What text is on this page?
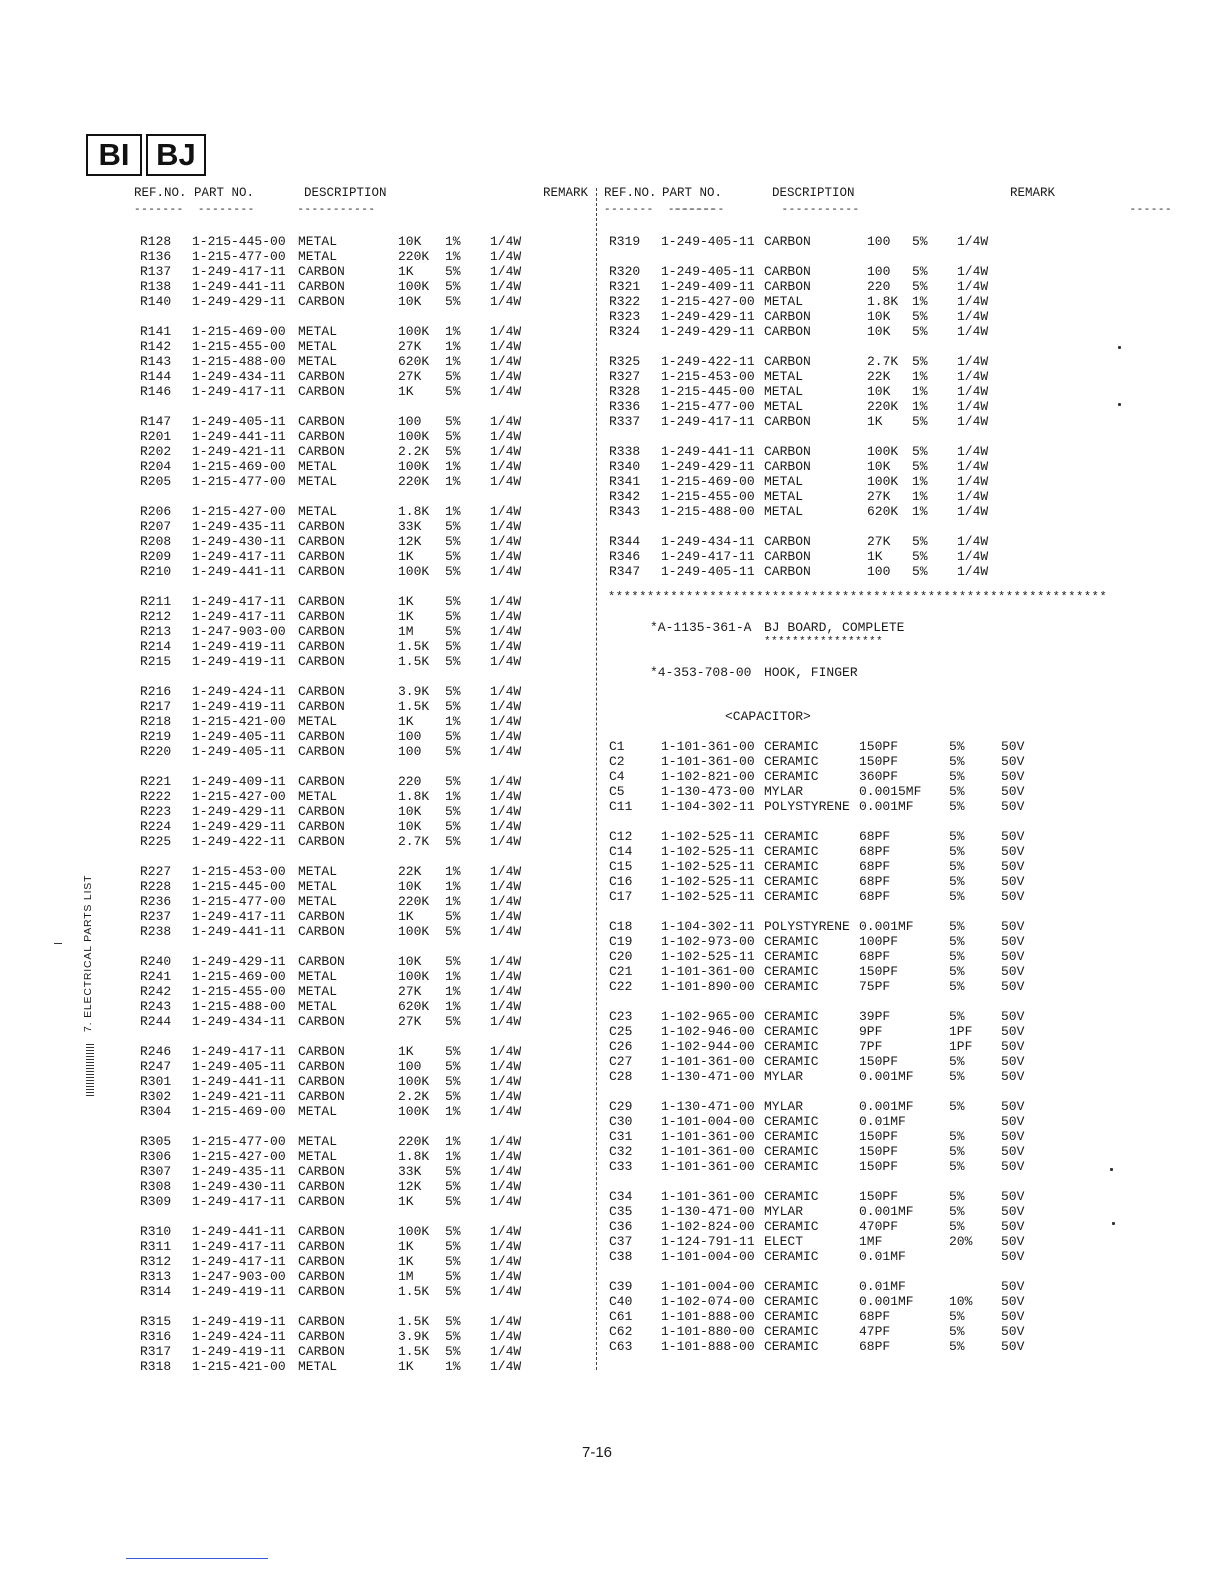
BI BJ
REF.NO. PART NO.	DESCRIPTION	REMARK REF.NO. PART NO.	DESCRIPTION	REMARK
-------  --------      -----------                                          ------
-------  --------        -----------                                      ------
R128 1-215-445-00 METAL	10K 1% 1/4W
R136 1-215-477-00 METAL	220K 1% 1/4W
R137 1-249-417-11 CARBON	1K 5% 1/4W
R138 1-249-441-11 CARBON	100K 5% 1/4W
R140 1-249-429-11 CARBON	10K 5% 1/4W
R141 1-215-469-00 METAL	100K 1% 1/4W
R142 1-215-455-00 METAL	27K 1% 1/4W
R143 1-215-488-00 METAL	620K 1% 1/4W
R144 1-249-434-11 CARBON	27K 5% 1/4W
R146 1-249-417-11 CARBON	1K 5% 1/4W
R147 1-249-405-11 CARBON	100 5% 1/4W
R201 1-249-441-11 CARBON	100K 5% 1/4W
R202 1-249-421-11 CARBON	2.2K 5% 1/4W
R204 1-215-469-00 METAL	100K 1% 1/4W
R205 1-215-477-00 METAL	220K 1% 1/4W
R206 1-215-427-00 METAL	1.8K 1% 1/4W
R207 1-249-435-11 CARBON	33K 5% 1/4W
R208 1-249-430-11 CARBON	12K 5% 1/4W
R209 1-249-417-11 CARBON	1K 5% 1/4W
R210 1-249-441-11 CARBON	100K 5% 1/4W
R211 1-249-417-11 CARBON	1K 5% 1/4W
R212 1-249-417-11 CARBON	1K 5% 1/4W
R213 1-247-903-00 CARBON	1M 5% 1/4W
R214 1-249-419-11 CARBON	1.5K 5% 1/4W
R215 1-249-419-11 CARBON	1.5K 5% 1/4W
R216 1-249-424-11 CARBON	3.9K 5% 1/4W
R217 1-249-419-11 CARBON	1.5K 5% 1/4W
R218 1-215-421-00 METAL	1K 1% 1/4W
R219 1-249-405-11 CARBON	100 5% 1/4W
R220 1-249-405-11 CARBON	100 5% 1/4W
R221 1-249-409-11 CARBON	220 5% 1/4W
R222 1-215-427-00 METAL	1.8K 1% 1/4W
R223 1-249-429-11 CARBON	10K 5% 1/4W
R224 1-249-429-11 CARBON	10K 5% 1/4W
R225 1-249-422-11 CARBON	2.7K 5% 1/4W
R227 1-215-453-00 METAL	22K 1% 1/4W
R228 1-215-445-00 METAL	10K 1% 1/4W
R236 1-215-477-00 METAL	220K 1% 1/4W
R237 1-249-417-11 CARBON	1K 5% 1/4W
R238 1-249-441-11 CARBON	100K 5% 1/4W
R240 1-249-429-11 CARBON	10K 5% 1/4W
R241 1-215-469-00 METAL	100K 1% 1/4W
R242 1-215-455-00 METAL	27K 1% 1/4W
R243 1-215-488-00 METAL	620K 1% 1/4W
R244 1-249-434-11 CARBON	27K 5% 1/4W
R246 1-249-417-11 CARBON	1K 5% 1/4W
R247 1-249-405-11 CARBON	100 5% 1/4W
R301 1-249-441-11 CARBON	100K 5% 1/4W
R302 1-249-421-11 CARBON	2.2K 5% 1/4W
R304 1-215-469-00 METAL	100K 1% 1/4W
R305 1-215-477-00 METAL	220K 1% 1/4W
R306 1-215-427-00 METAL	1.8K 1% 1/4W
R307 1-249-435-11 CARBON	33K 5% 1/4W
R308 1-249-430-11 CARBON	12K 5% 1/4W
R309 1-249-417-11 CARBON	1K 5% 1/4W
R310 1-249-441-11 CARBON	100K 5% 1/4W
R311 1-249-417-11 CARBON	1K 5% 1/4W
R312 1-249-417-11 CARBON	1K 5% 1/4W
R313 1-247-903-00 CARBON	1M 5% 1/4W
R314 1-249-419-11 CARBON	1.5K 5% 1/4W
R315 1-249-419-11 CARBON	1.5K 5% 1/4W
R316 1-249-424-11 CARBON	3.9K 5% 1/4W
R317 1-249-419-11 CARBON	1.5K 5% 1/4W
R318 1-215-421-00 METAL	1K 1% 1/4W
R319 1-249-405-11 CARBON	100 5% 1/4W
R320 1-249-405-11 CARBON	100 5% 1/4W
R321 1-249-409-11 CARBON	220 5% 1/4W
R322 1-215-427-00 METAL	1.8K 1% 1/4W
R323 1-249-429-11 CARBON	10K 5% 1/4W
R324 1-249-429-11 CARBON	10K 5% 1/4W
R325 1-249-422-11 CARBON	2.7K 5% 1/4W
R327 1-215-453-00 METAL	22K 1% 1/4W
R328 1-215-445-00 METAL	10K 1% 1/4W
R336 1-215-477-00 METAL	220K 1% 1/4W
R337 1-249-417-11 CARBON	1K 5% 1/4W
R338 1-249-441-11 CARBON	100K 5% 1/4W
R340 1-249-429-11 CARBON	10K 5% 1/4W
R341 1-215-469-00 METAL	100K 1% 1/4W
R342 1-215-455-00 METAL	27K 1% 1/4W
R343 1-215-488-00 METAL	620K 1% 1/4W
R344 1-249-434-11 CARBON	27K 5% 1/4W
R346 1-249-417-11 CARBON	1K 5% 1/4W
R347 1-249-405-11 CARBON	100 5% 1/4W
****************************************************************

*A-1135-361-A

BJ BOARD, COMPLETE

*****************

*4-353-708-00

HOOK, FINGER

<CAPACITOR>
C1	1-101-361-00 CERAMIC	150PF	5%	50V
C2	1-101-361-00 CERAMIC	150PF	5%	50V
C4	1-102-821-00 CERAMIC	360PF	5%	50V
C5	1-130-473-00 MYLAR	0.0015MF 5%	50V
C11 1-104-302-11 POLYSTYRENE 0.001MF	5%	50V
C12 1-102-525-11 CERAMIC	68PF	5%	50V
C14 1-102-525-11 CERAMIC	68PF	5%	50V
C15 1-102-525-11 CERAMIC	68PF	5%	50V
C16 1-102-525-11 CERAMIC	68PF	5%	50V
C17 1-102-525-11 CERAMIC	68PF	5%	50V
C18 1-104-302-11 POLYSTYRENE 0.001MF	5%	50V
C19 1-102-973-00 CERAMIC	100PF	5%	50V
C20 1-102-525-11 CERAMIC	68PF	5%	50V
C21 1-101-361-00 CERAMIC	150PF	5%	50V
C22 1-101-890-00 CERAMIC	75PF	5%	50V
C23 1-102-965-00 CERAMIC	39PF	5%	50V
C25 1-102-946-00 CERAMIC	9PF	1PF 50V
C26 1-102-944-00 CERAMIC	7PF	1PF 50V
C27 1-101-361-00 CERAMIC	150PF	5%	50V
C28 1-130-471-00 MYLAR	0.001MF	5%	50V
C29 1-130-471-00 MYLAR	0.001MF	5%	50V
C30 1-101-004-00 CERAMIC	0.01MF	50V
C31 1-101-361-00 CERAMIC	150PF	5%	50V
C32 1-101-361-00 CERAMIC	150PF	5%	50V
C33 1-101-361-00 CERAMIC	150PF	5%	50V
C34 1-101-361-00 CERAMIC	150PF	5%	50V
C35 1-130-471-00 MYLAR	0.001MF	5%	50V
C36 1-102-824-00 CERAMIC	470PF	5%	50V
C37 1-124-791-11 ELECT	1MF	20% 50V
C38 1-101-004-00 CERAMIC	0.01MF	50V
C39 1-101-004-00 CERAMIC	0.01MF	50V
C40 1-102-074-00 CERAMIC	0.001MF	10% 50V
C61 1-101-888-00 CERAMIC	68PF	5%	50V
C62 1-101-880-00 CERAMIC	47PF	5%	50V
C63 1-101-888-00 CERAMIC	68PF	5%	50V
7. ELECTRICAL PARTS LIST
7-16
